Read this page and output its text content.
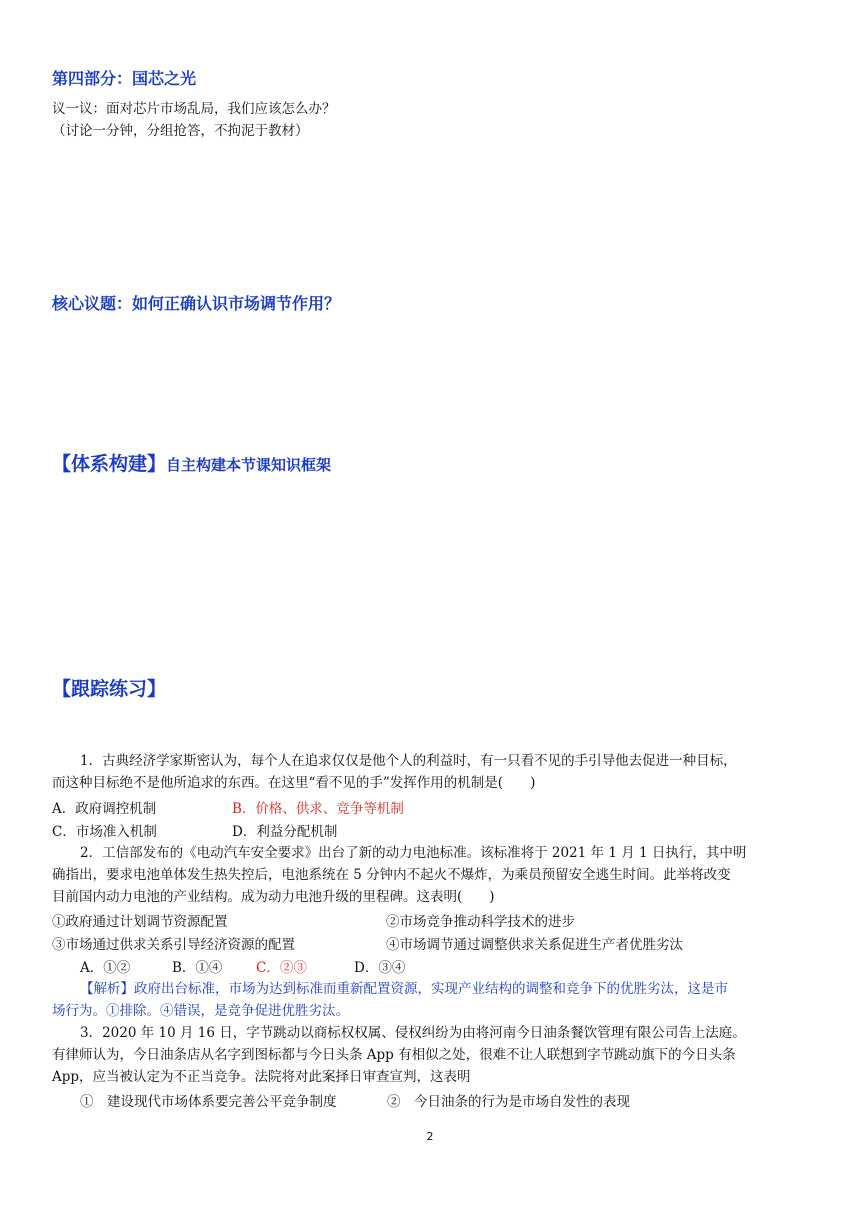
第四部分：国芯之光
议一议：面对芯片市场乱局，我们应该怎么办？
（讨论一分钟，分组抢答，不拘泥于教材）
核心议题：如何正确认识市场调节作用？
【体系构建】自主构建本节课知识框架
【跟踪练习】
1．古典经济学家斯密认为，每个人在追求仅仅是他个人的利益时，有一只看不见的手引导他去促进一种目标，
而这种目标绝不是他所追求的东西。在这里“看不见的手”发挥作用的机制是(　　)
A．政府调控机制	B．价格、供求、竞争等机制
C．市场准入机制	D．利益分配机制
2．工信部发布的《电动汽车安全要求》出台了新的动力电池标准。该标准将于 2021 年 1 月 1 日执行，其中明
确指出，要求电池单体发生热失控后，电池系统在 5 分钟内不起火不爆炸，为乘员预留安全逃生时间。此举将改变
目前国内动力电池的产业结构。成为动力电池升级的里程碑。这表明(　　)
①政府通过计划调节资源配置	②市场竞争推动科学技术的进步
③市场通过供求关系引导经济资源的配置	④市场调节通过调整供求关系促进生产者优胜劣汰
A．①②	B．①④ C．②③	D．③④
【解析】政府出台标准，市场为达到标准而重新配置资源，实现产业结构的调整和竞争下的优胜劣汰，这是市
场行为。①排除。④错误，是竞争促进优胜劣汰。
3．2020 年 10 月 16 日，字节跳动以商标权权属、侵权纠纷为由将河南今日油条餐饮管理有限公司告上法庭。
有律师认为，今日油条店从名字到图标都与今日头条 App 有相似之处，很难不让人联想到字节跳动旗下的今日头条
App，应当被认定为不正当竞争。法院将对此案择日审查宣判，这表明
①　建设现代市场体系要完善公平竞争制度	②　今日油条的行为是市场自发性的表现
2
